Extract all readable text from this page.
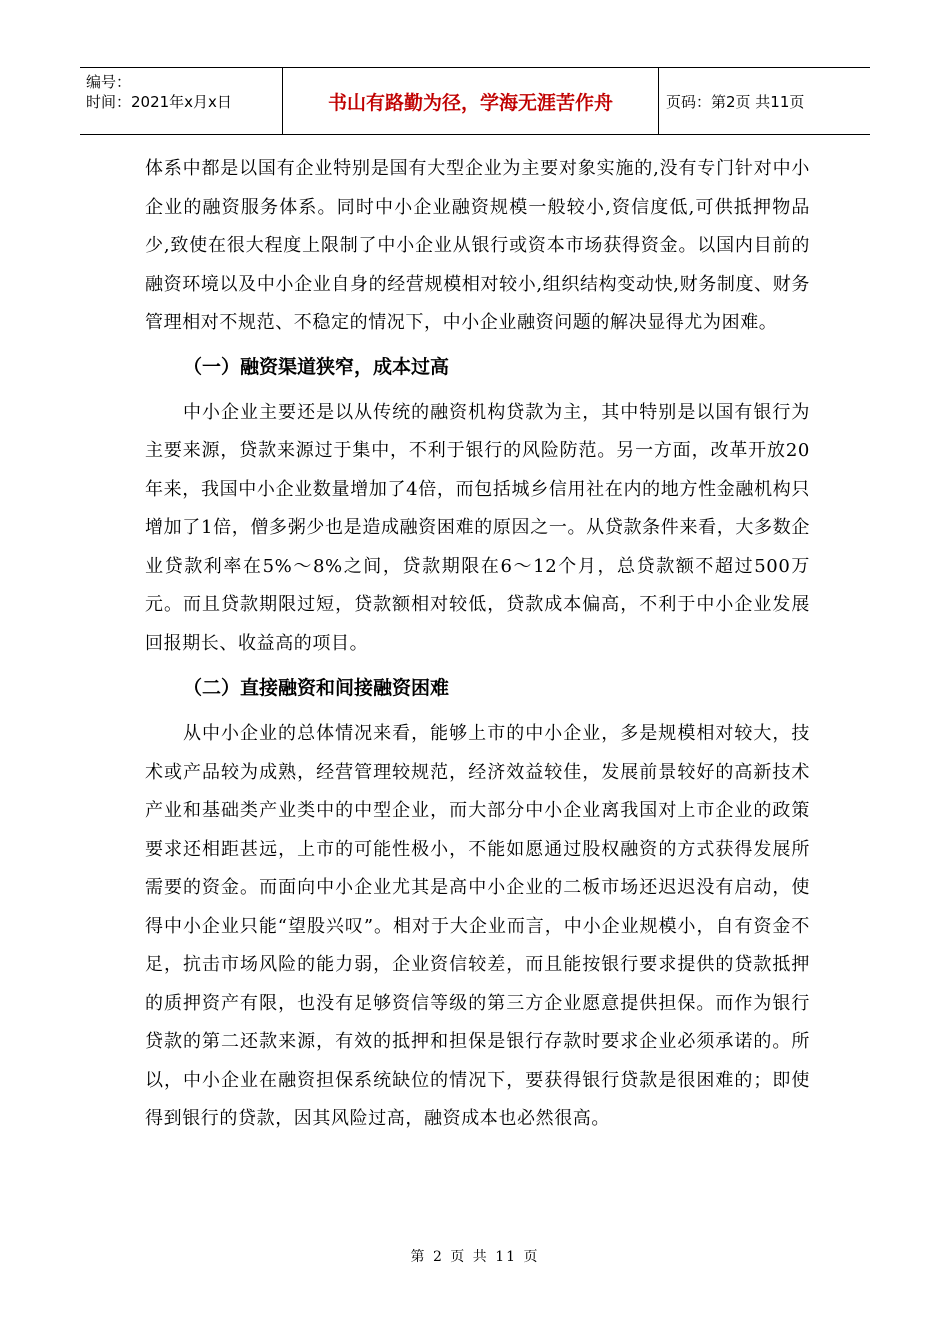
编号：
时间：2021年x月x日	书山有路勤为径，学海无涯苦作舟	页码：第2页 共11页

体系中都是以国有企业特别是国有大型企业为主要对象实施的,没有专门针对中小企业的融资服务体系。同时中小企业融资规模一般较小,资信度低,可供抵押物品少,致使在很大程度上限制了中小企业从银行或资本市场获得资金。以国内目前的融资环境以及中小企业自身的经营规模相对较小,组织结构变动快,财务制度、财务管理相对不规范、不稳定的情况下，中小企业融资问题的解决显得尤为困难。

（一）融资渠道狭窄，成本过高

中小企业主要还是以从传统的融资机构贷款为主，其中特别是以国有银行为主要来源，贷款来源过于集中，不利于银行的风险防范。另一方面，改革开放20年来，我国中小企业数量增加了4倍，而包括城乡信用社在内的地方性金融机构只增加了1倍，僧多粥少也是造成融资困难的原因之一。从贷款条件来看，大多数企业贷款利率在5%～8%之间，贷款期限在6～12个月，总贷款额不超过500万元。而且贷款期限过短，贷款额相对较低，贷款成本偏高，不利于中小企业发展回报期长、收益高的项目。

（二）直接融资和间接融资困难

从中小企业的总体情况来看，能够上市的中小企业，多是规模相对较大，技术或产品较为成熟，经营管理较规范，经济效益较佳，发展前景较好的高新技术产业和基础类产业类中的中型企业，而大部分中小企业离我国对上市企业的政策要求还相距甚远，上市的可能性极小，不能如愿通过股权融资的方式获得发展所需要的资金。而面向中小企业尤其是高中小企业的二板市场还迟迟没有启动，使得中小企业只能“望股兴叹”。相对于大企业而言，中小企业规模小，自有资金不足，抗击市场风险的能力弱，企业资信较差，而且能按银行要求提供的贷款抵押的质押资产有限，也没有足够资信等级的第三方企业愿意提供担保。而作为银行贷款的第二还款来源，有效的抵押和担保是银行存款时要求企业必须承诺的。所以，中小企业在融资担保系统缺位的情况下，要获得银行贷款是很困难的；即使得到银行的贷款，因其风险过高，融资成本也必然很高。

第 2 页 共 11 页
